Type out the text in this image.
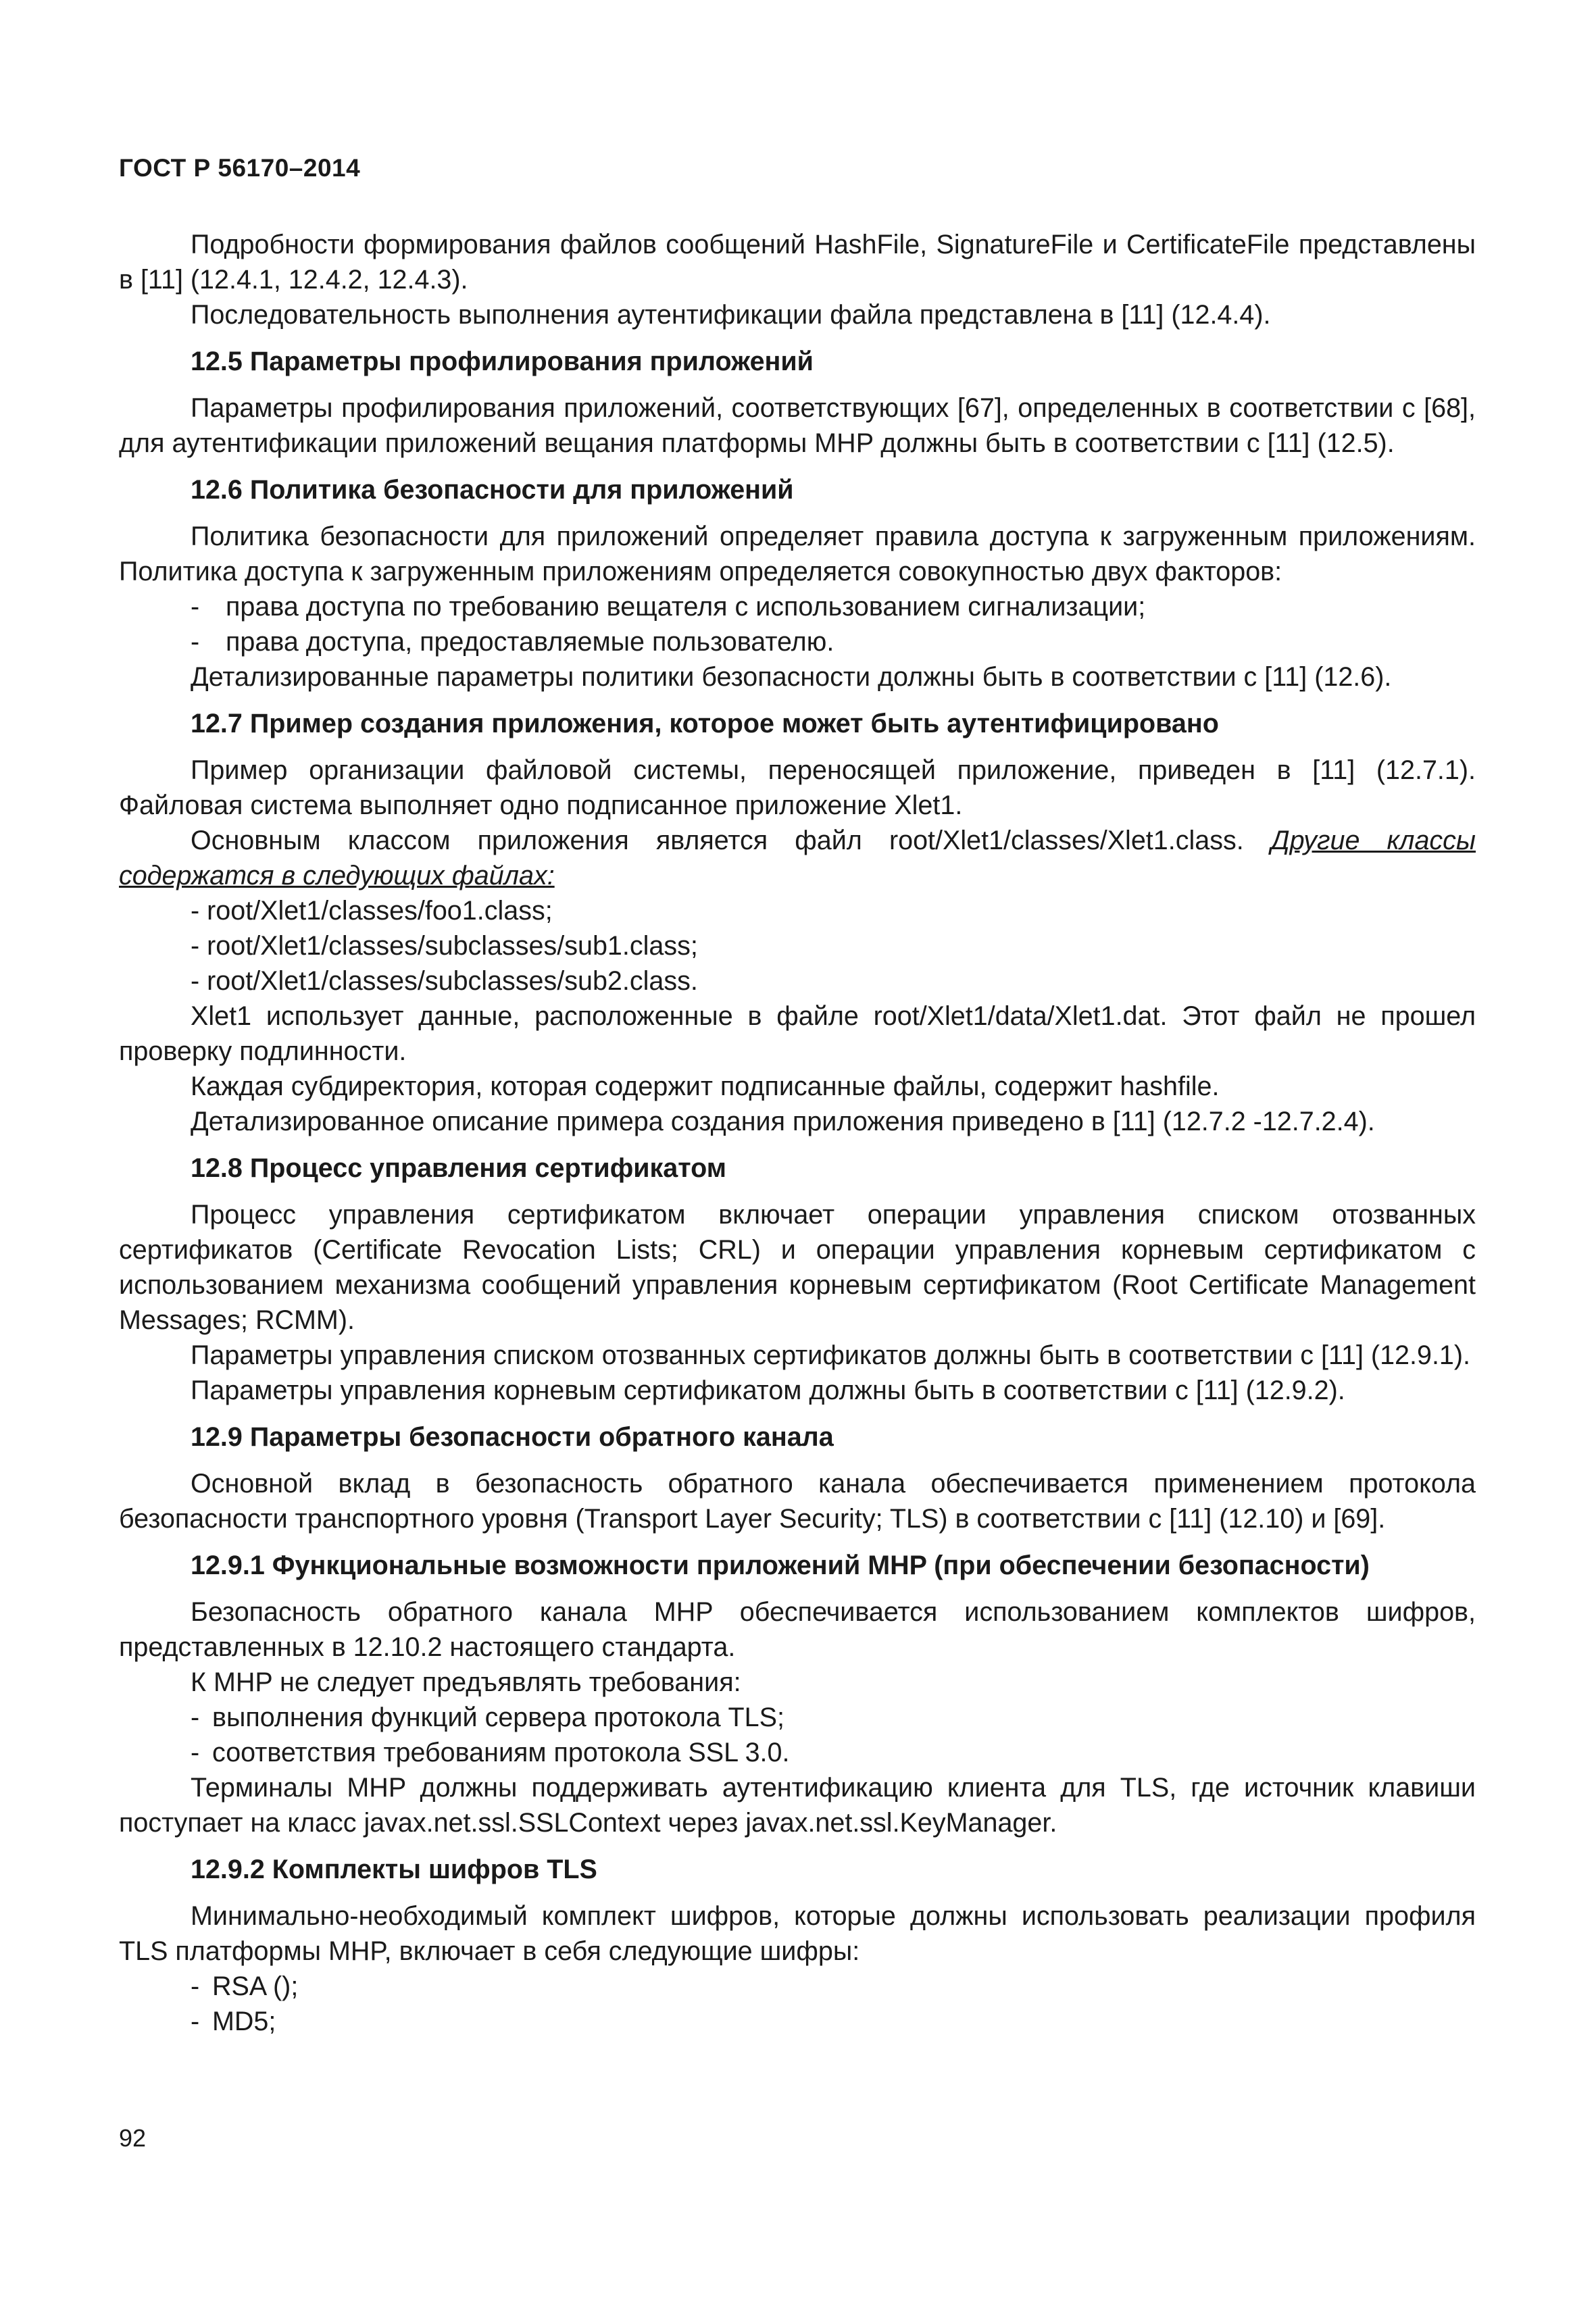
ГОСТ Р 56170–2014

Подробности формирования файлов сообщений HashFile, SignatureFile и CertificateFile представлены в [11] (12.4.1, 12.4.2, 12.4.3).

Последовательность выполнения аутентификации файла представлена в [11] (12.4.4).

12.5 Параметры профилирования приложений

Параметры профилирования приложений, соответствующих [67], определенных в соответствии с [68], для аутентификации приложений вещания платформы MHP должны быть в соответствии с [11] (12.5).

12.6 Политика безопасности для приложений

Политика безопасности для приложений определяет правила доступа к загруженным приложениям. Политика доступа к загруженным приложениям определяется совокупностью двух факторов:

- права доступа по требованию вещателя с использованием сигнализации;
- права доступа, предоставляемые пользователю.

Детализированные параметры политики безопасности должны быть в соответствии с [11] (12.6).

12.7 Пример создания приложения, которое может быть аутентифицировано

Пример организации файловой системы, переносящей приложение, приведен в [11] (12.7.1). Файловая система выполняет одно подписанное приложение Xlet1.

Основным классом приложения является файл root/Xlet1/classes/Xlet1.class. Другие классы содержатся в следующих файлах:

- root/Xlet1/classes/foo1.class;
- root/Xlet1/classes/subclasses/sub1.class;
- root/Xlet1/classes/subclasses/sub2.class.

Xlet1 использует данные, расположенные в файле root/Xlet1/data/Xlet1.dat. Этот файл не прошел проверку подлинности.

Каждая субдиректория, которая содержит подписанные файлы, содержит hashfile.

Детализированное описание примера создания приложения приведено в [11] (12.7.2 -12.7.2.4).

12.8 Процесс управления сертификатом

Процесс управления сертификатом включает операции управления списком отозванных сертификатов (Certificate Revocation Lists; CRL) и операции управления корневым сертификатом с использованием механизма сообщений управления корневым сертификатом (Root Certificate Management Messages; RCMM).

Параметры управления списком отозванных сертификатов должны быть в соответствии с [11] (12.9.1).

Параметры управления корневым сертификатом должны быть в соответствии с [11] (12.9.2).

12.9 Параметры безопасности обратного канала

Основной вклад в безопасность обратного канала обеспечивается применением протокола безопасности транспортного уровня (Transport Layer Security; TLS) в соответствии с [11] (12.10) и [69].

12.9.1 Функциональные возможности приложений MHP (при обеспечении безопасности)

Безопасность обратного канала MHP обеспечивается использованием комплектов шифров, представленных в 12.10.2 настоящего стандарта.

К MHP не следует предъявлять требования:

- выполнения функций сервера протокола TLS;
- соответствия требованиям протокола SSL 3.0.

Терминалы MHP должны поддерживать аутентификацию клиента для TLS, где источник клавиши поступает на класс javax.net.ssl.SSLContext через javax.net.ssl.KeyManager.

12.9.2 Комплекты шифров TLS

Минимально-необходимый комплект шифров, которые должны использовать реализации профиля TLS платформы MHP, включает в себя следующие шифры:

- RSA ();
- MD5;
92
